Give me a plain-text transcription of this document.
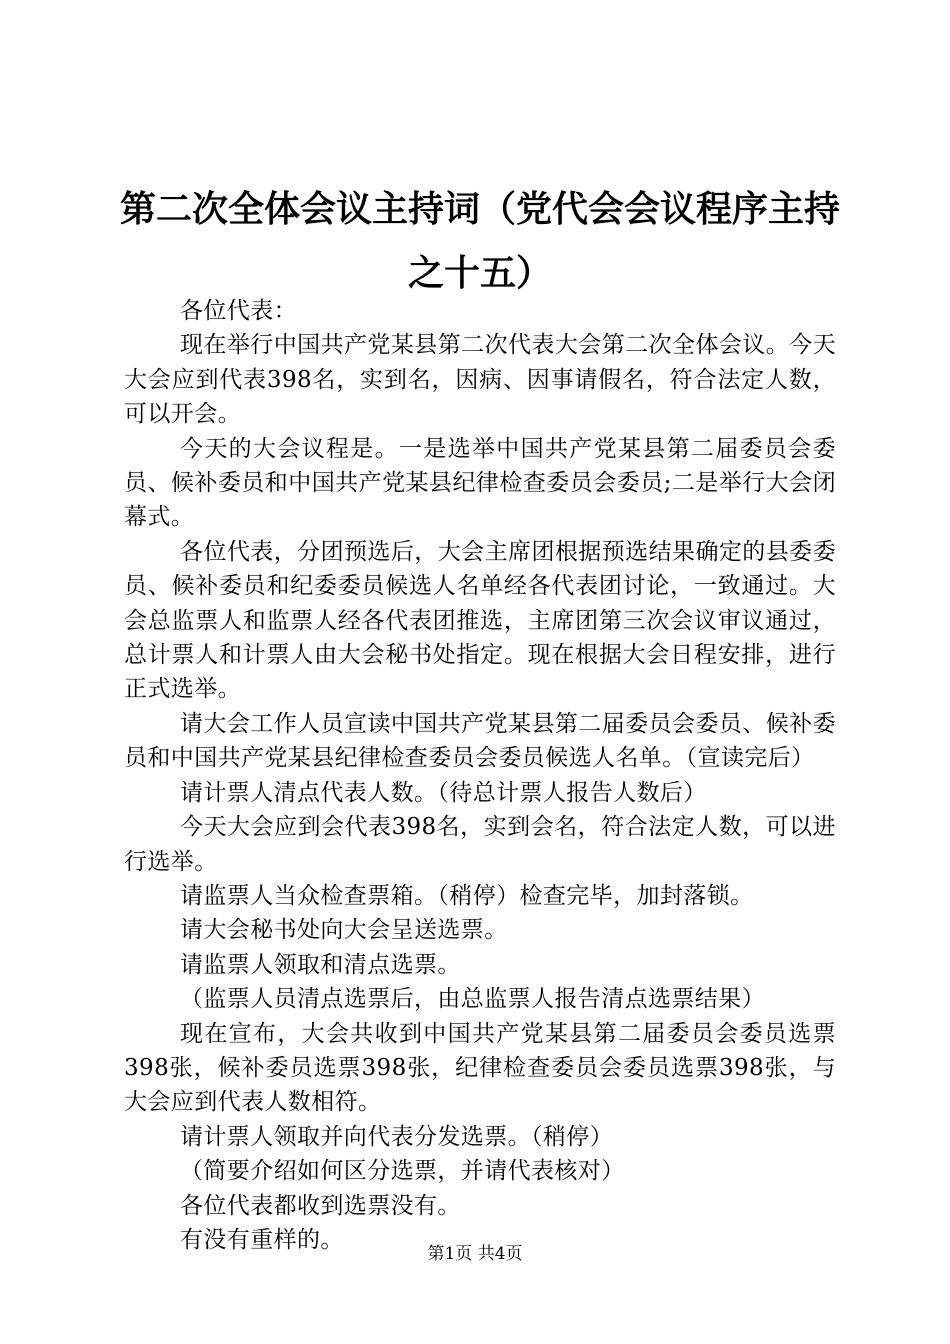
第二次全体会议主持词（党代会会议程序主持之十五）

各位代表：

现在举行中国共产党某县第二次代表大会第二次全体会议。今天大会应到代表398名，实到名，因病、因事请假名，符合法定人数，可以开会。

今天的大会议程是。一是选举中国共产党某县第二届委员会委员、候补委员和中国共产党某县纪律检查委员会委员;二是举行大会闭幕式。

各位代表，分团预选后，大会主席团根据预选结果确定的县委委员、候补委员和纪委委员候选人名单经各代表团讨论，一致通过。大会总监票人和监票人经各代表团推选，主席团第三次会议审议通过，总计票人和计票人由大会秘书处指定。现在根据大会日程安排，进行正式选举。

请大会工作人员宣读中国共产党某县第二届委员会委员、候补委员和中国共产党某县纪律检查委员会委员候选人名单。（宣读完后）

请计票人清点代表人数。（待总计票人报告人数后）

今天大会应到会代表398名，实到会名，符合法定人数，可以进行选举。

请监票人当众检查票箱。（稍停）检查完毕，加封落锁。

请大会秘书处向大会呈送选票。

请监票人领取和清点选票。

（监票人员清点选票后，由总监票人报告清点选票结果）

现在宣布，大会共收到中国共产党某县第二届委员会委员选票398张，候补委员选票398张，纪律检查委员会委员选票398张，与大会应到代表人数相符。

请计票人领取并向代表分发选票。（稍停）

（简要介绍如何区分选票，并请代表核对）

各位代表都收到选票没有。

有没有重样的。

第1页 共4页
